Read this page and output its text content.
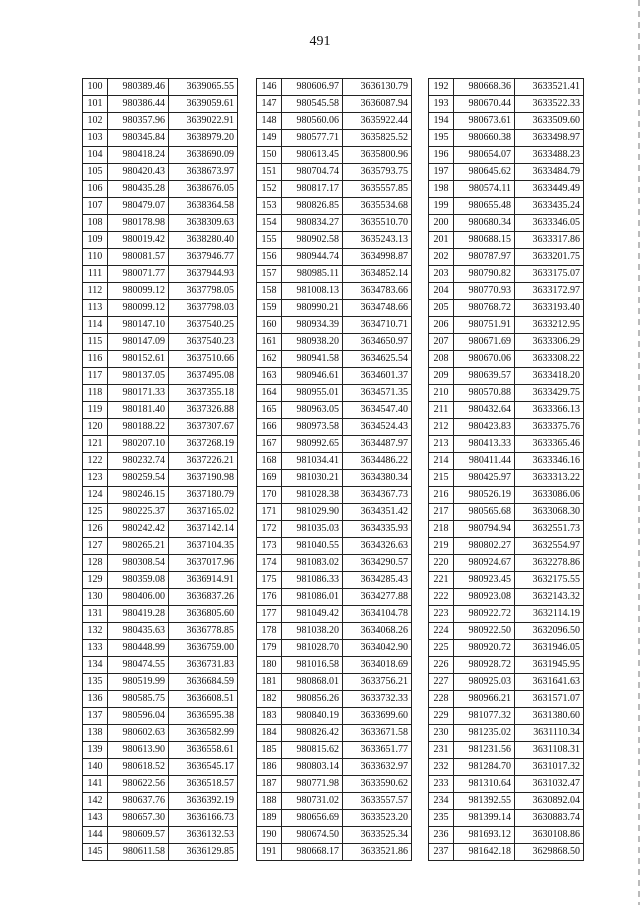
491
100	980389.46	3639065.55
101	980386.44	3639059.61
102	980357.96	3639022.91
103	980345.84	3638979.20
104	980418.24	3638690.09
105	980420.43	3638673.97
106	980435.28	3638676.05
107	980479.07	3638364.58
108	980178.98	3638309.63
109	980019.42	3638280.40
110	980081.57	3637946.77
111	980071.77	3637944.93
112	980099.12	3637798.05
113	980099.12	3637798.03
114	980147.10	3637540.25
115	980147.09	3637540.23
116	980152.61	3637510.66
117	980137.05	3637495.08
118	980171.33	3637355.18
119	980181.40	3637326.88
120	980188.22	3637307.67
121	980207.10	3637268.19
122	980232.74	3637226.21
123	980259.54	3637190.98
124	980246.15	3637180.79
125	980225.37	3637165.02
126	980242.42	3637142.14
127	980265.21	3637104.35
128	980308.54	3637017.96
129	980359.08	3636914.91
130	980406.00	3636837.26
131	980419.28	3636805.60
132	980435.63	3636778.85
133	980448.99	3636759.00
134	980474.55	3636731.83
135	980519.99	3636684.59
136	980585.75	3636608.51
137	980596.04	3636595.38
138	980602.63	3636582.99
139	980613.90	3636558.61
140	980618.52	3636545.17
141	980622.56	3636518.57
142	980637.76	3636392.19
143	980657.30	3636166.73
144	980609.57	3636132.53
145	980611.58	3636129.85
146	980606.97	3636130.79
147	980545.58	3636087.94
148	980560.06	3635922.44
149	980577.71	3635825.52
150	980613.45	3635800.96
151	980704.74	3635793.75
152	980817.17	3635557.85
153	980826.85	3635534.68
154	980834.27	3635510.70
155	980902.58	3635243.13
156	980944.74	3634998.87
157	980985.11	3634852.14
158	981008.13	3634783.66
159	980990.21	3634748.66
160	980934.39	3634710.71
161	980938.20	3634650.97
162	980941.58	3634625.54
163	980946.61	3634601.37
164	980955.01	3634571.35
165	980963.05	3634547.40
166	980973.58	3634524.43
167	980992.65	3634487.97
168	981034.41	3634486.22
169	981030.21	3634380.34
170	981028.38	3634367.73
171	981029.90	3634351.42
172	981035.03	3634335.93
173	981040.55	3634326.63
174	981083.02	3634290.57
175	981086.33	3634285.43
176	981086.01	3634277.88
177	981049.42	3634104.78
178	981038.20	3634068.26
179	981028.70	3634042.90
180	981016.58	3634018.69
181	980868.01	3633756.21
182	980856.26	3633732.33
183	980840.19	3633699.60
184	980826.42	3633671.58
185	980815.62	3633651.77
186	980803.14	3633632.97
187	980771.98	3633590.62
188	980731.02	3633557.57
189	980656.69	3633523.20
190	980674.50	3633525.34
191	980668.17	3633521.86
192	980668.36	3633521.41
193	980670.44	3633522.33
194	980673.61	3633509.60
195	980660.38	3633498.97
196	980654.07	3633488.23
197	980645.62	3633484.79
198	980574.11	3633449.49
199	980655.48	3633435.24
200	980680.34	3633346.05
201	980688.15	3633317.86
202	980787.97	3633201.75
203	980790.82	3633175.07
204	980770.93	3633172.97
205	980768.72	3633193.40
206	980751.91	3633212.95
207	980671.69	3633306.29
208	980670.06	3633308.22
209	980639.57	3633418.20
210	980570.88	3633429.75
211	980432.64	3633366.13
212	980423.83	3633375.76
213	980413.33	3633365.46
214	980411.44	3633346.16
215	980425.97	3633313.22
216	980526.19	3633086.06
217	980565.68	3633068.30
218	980794.94	3632551.73
219	980802.27	3632554.97
220	980924.67	3632278.86
221	980923.45	3632175.55
222	980923.08	3632143.32
223	980922.72	3632114.19
224	980922.50	3632096.50
225	980920.72	3631946.05
226	980928.72	3631945.95
227	980925.03	3631641.63
228	980966.21	3631571.07
229	981077.32	3631380.60
230	981235.02	3631110.34
231	981231.56	3631108.31
232	981284.70	3631017.32
233	981310.64	3631032.47
234	981392.55	3630892.04
235	981399.14	3630883.74
236	981693.12	3630108.86
237	981642.18	3629868.50
